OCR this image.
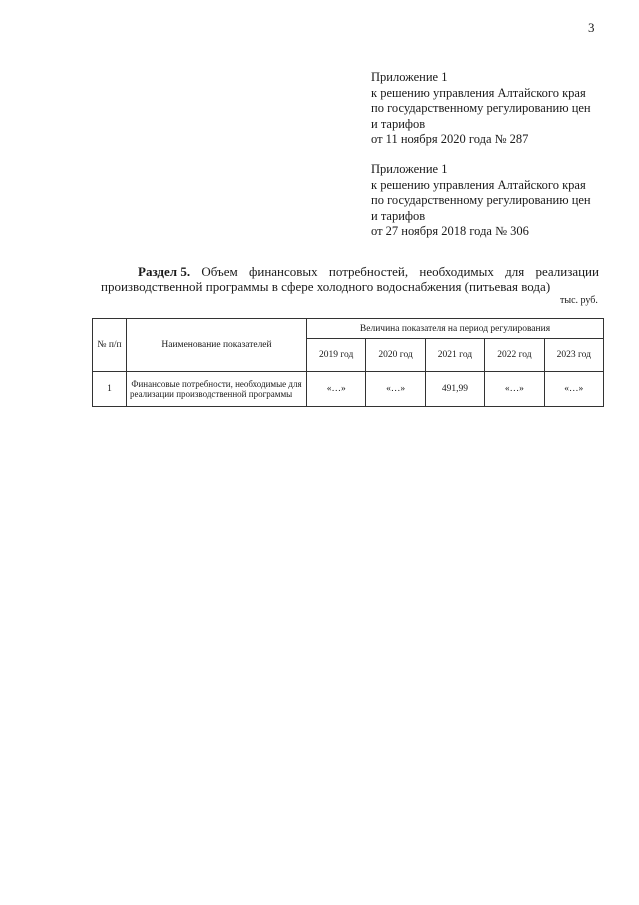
3
Приложение 1
к решению управления Алтайского края
по государственному регулированию цен
и тарифов
от 11 ноября 2020 года № 287
Приложение 1
к решению управления Алтайского края
по государственному регулированию цен
и тарифов
от 27 ноября 2018 года № 306
Раздел 5. Объем финансовых потребностей, необходимых для реализации
производственной программы в сфере холодного водоснабжения (питьевая вода)
тыс. руб.
№ п/п	Наименование показателей	Величина показателя на период регулирования				
		2019 год	2020 год	2021 год	2022 год	2023 год
1	Финансовые потребности, необходимые для реализации производственной программы	«…»	«…»	491,99	«…»	«…»
